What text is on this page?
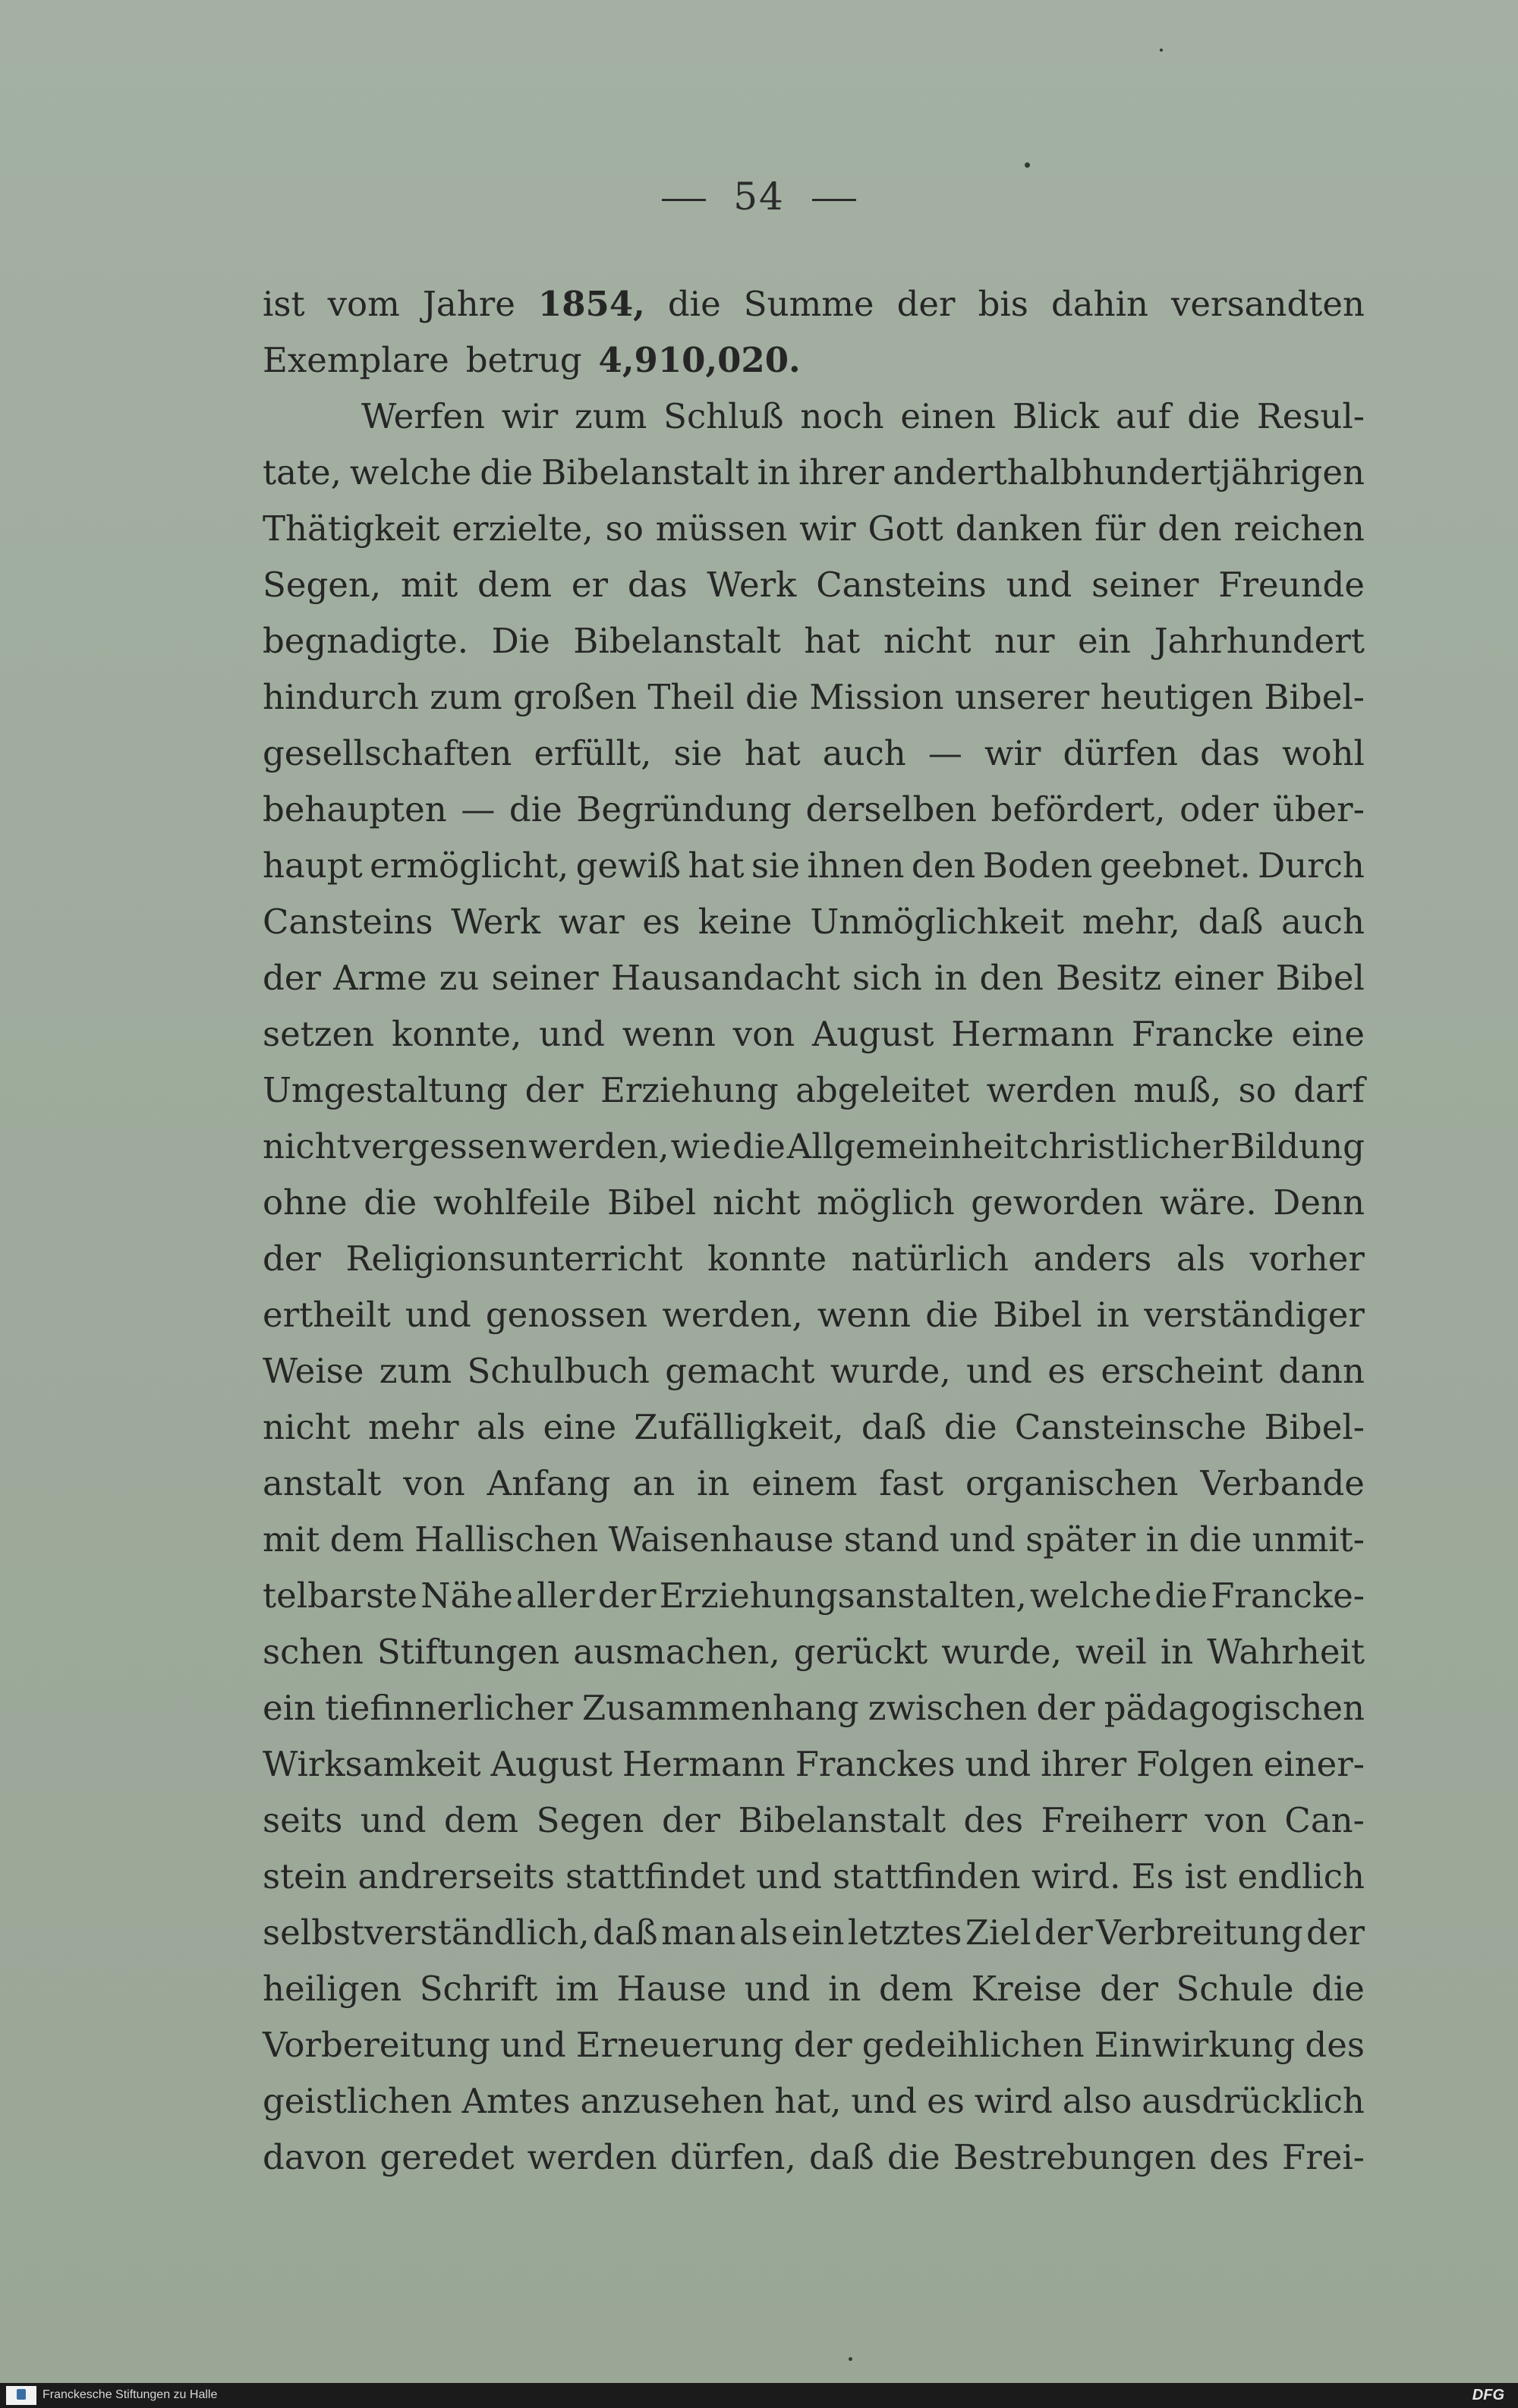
54
ist vom Jahre 1854, die Summe der bis dahin versandten
Exemplare betrug 4,910,020.
Werfen wir zum Schluß noch einen Blick auf die Resul-
tate, welche die Bibelanstalt in ihrer anderthalbhundertjährigen
Thätigkeit erzielte, so müssen wir Gott danken für den reichen
Segen, mit dem er das Werk Cansteins und seiner Freunde
begnadigte. Die Bibelanstalt hat nicht nur ein Jahrhundert
hindurch zum großen Theil die Mission unserer heutigen Bibel-
gesellschaften erfüllt, sie hat auch — wir dürfen das wohl
behaupten — die Begründung derselben befördert, oder über-
haupt ermöglicht, gewiß hat sie ihnen den Boden geebnet. Durch
Cansteins Werk war es keine Unmöglichkeit mehr, daß auch
der Arme zu seiner Hausandacht sich in den Besitz einer Bibel
setzen konnte, und wenn von August Hermann Francke eine
Umgestaltung der Erziehung abgeleitet werden muß, so darf
nicht vergessen werden, wie die Allgemeinheit christlicher Bildung
ohne die wohlfeile Bibel nicht möglich geworden wäre. Denn
der Religionsunterricht konnte natürlich anders als vorher
ertheilt und genossen werden, wenn die Bibel in verständiger
Weise zum Schulbuch gemacht wurde, und es erscheint dann
nicht mehr als eine Zufälligkeit, daß die Cansteinsche Bibel-
anstalt von Anfang an in einem fast organischen Verbande
mit dem Hallischen Waisenhause stand und später in die unmit-
telbarste Nähe aller der Erziehungsanstalten, welche die Francke-
schen Stiftungen ausmachen, gerückt wurde, weil in Wahrheit
ein tiefinnerlicher Zusammenhang zwischen der pädagogischen
Wirksamkeit August Hermann Franckes und ihrer Folgen einer-
seits und dem Segen der Bibelanstalt des Freiherr von Can-
stein andrerseits stattfindet und stattfinden wird. Es ist endlich
selbstverständlich, daß man als ein letztes Ziel der Verbreitung der
heiligen Schrift im Hause und in dem Kreise der Schule die
Vorbereitung und Erneuerung der gedeihlichen Einwirkung des
geistlichen Amtes anzusehen hat, und es wird also ausdrücklich
davon geredet werden dürfen, daß die Bestrebungen des Frei-
Franckesche Stiftungen zu Halle	DFG
